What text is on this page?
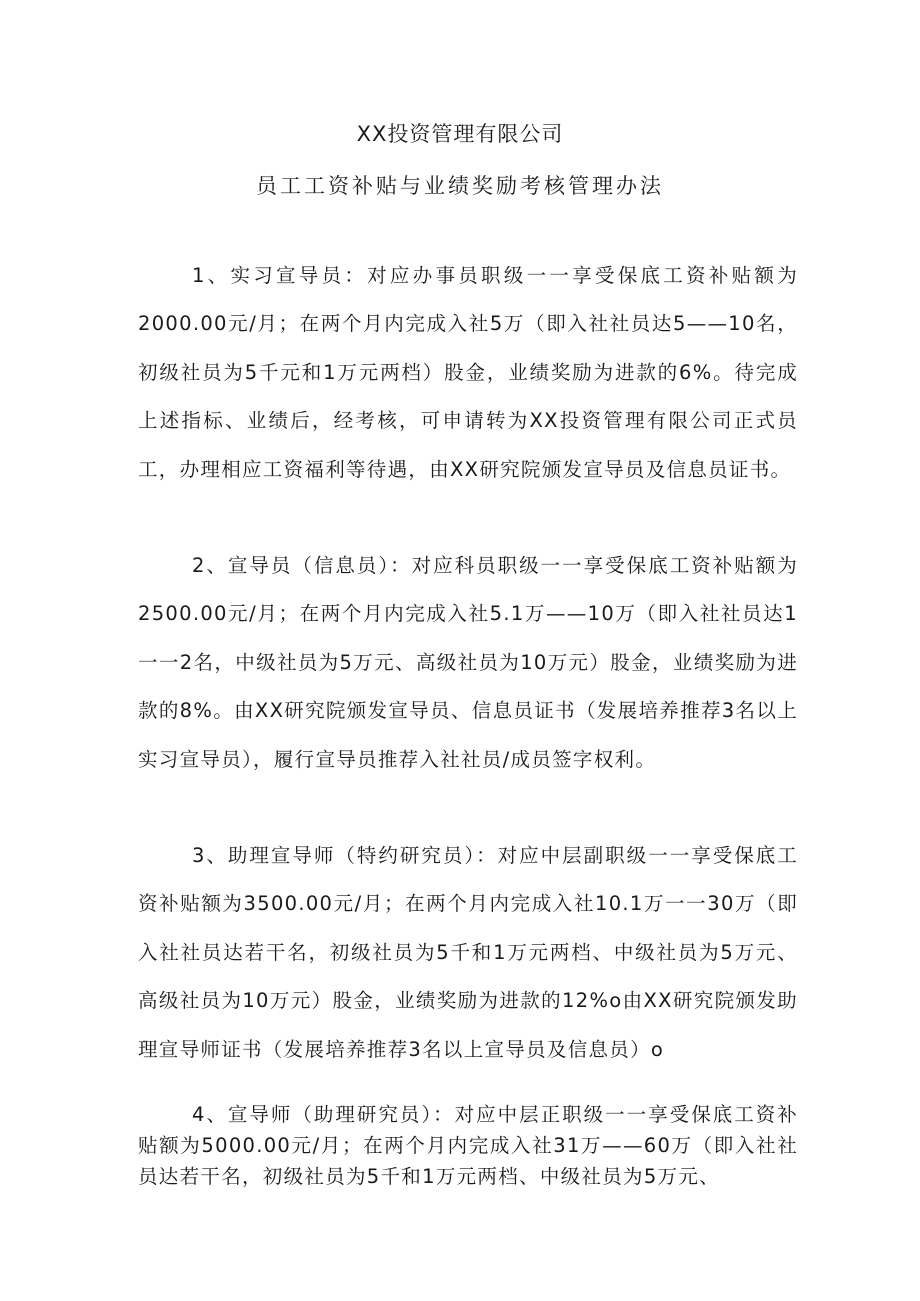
XX投资管理有限公司
员工工资补贴与业绩奖励考核管理办法

1、实习宣导员：对应办事员职级一一享受保底工资补贴额为2000.00元/月；在两个月内完成入社5万（即入社社员达5——10名，初级社员为5千元和1万元两档）股金，业绩奖励为进款的6%。待完成上述指标、业绩后，经考核，可申请转为XX投资管理有限公司正式员工，办理相应工资福利等待遇，由XX研究院颁发宣导员及信息员证书。

2、宣导员（信息员）：对应科员职级一一享受保底工资补贴额为2500.00元/月；在两个月内完成入社5.1万——10万（即入社社员达1一一2名，中级社员为5万元、高级社员为10万元）股金，业绩奖励为进款的8%。由XX研究院颁发宣导员、信息员证书（发展培养推荐3名以上实习宣导员），履行宣导员推荐入社社员/成员签字权利。

3、助理宣导师（特约研究员）：对应中层副职级一一享受保底工资补贴额为3500.00元/月；在两个月内完成入社10.1万一一30万（即入社社员达若干名，初级社员为5千和1万元两档、中级社员为5万元、高级社员为10万元）股金，业绩奖励为进款的12%o由XX研究院颁发助理宣导师证书（发展培养推荐3名以上宣导员及信息员）o

4、宣导师（助理研究员）：对应中层正职级一一享受保底工资补贴额为5000.00元/月；在两个月内完成入社31万——60万（即入社社员达若干名，初级社员为5千和1万元两档、中级社员为5万元、
